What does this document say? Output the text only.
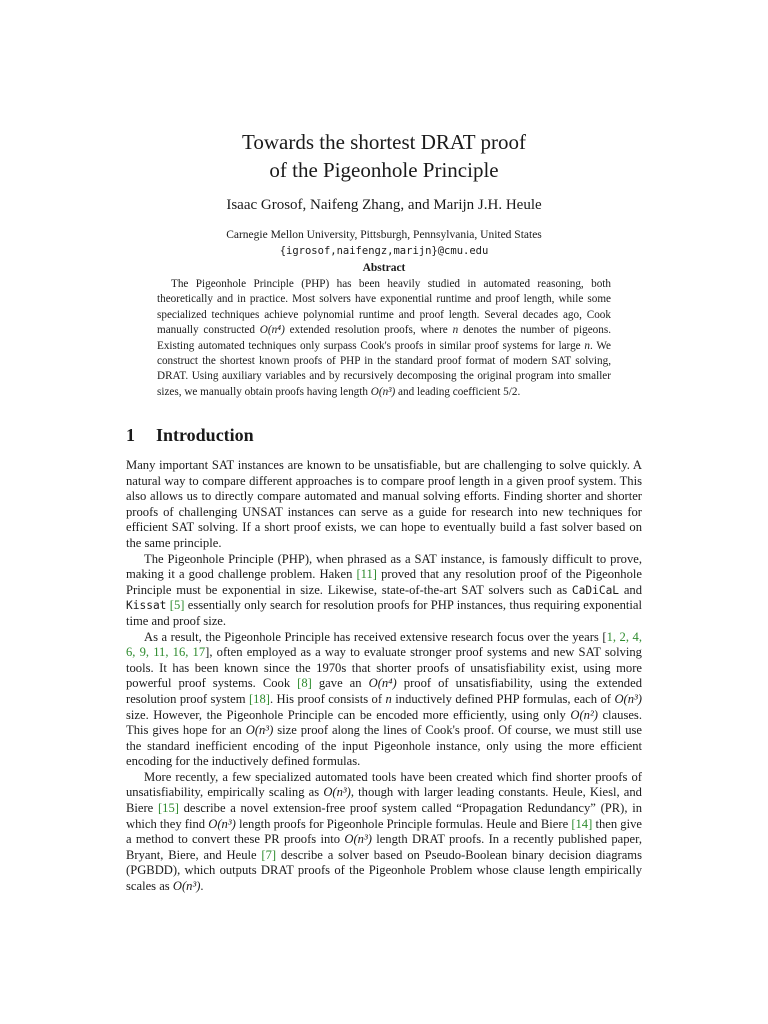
Towards the shortest DRAT proof
of the Pigeonhole Principle
Isaac Grosof, Naifeng Zhang, and Marijn J.H. Heule
Carnegie Mellon University, Pittsburgh, Pennsylvania, United States
{igrosof,naifengz,marijn}@cmu.edu
Abstract

The Pigeonhole Principle (PHP) has been heavily studied in automated reasoning, both theoretically and in practice. Most solvers have exponential runtime and proof length, while some specialized techniques achieve polynomial runtime and proof length. Several decades ago, Cook manually constructed O(n⁴) extended resolution proofs, where n denotes the number of pigeons. Existing automated techniques only surpass Cook's proofs in similar proof systems for large n. We construct the shortest known proofs of PHP in the standard proof format of modern SAT solving, DRAT. Using auxiliary variables and by recursively decomposing the original program into smaller sizes, we manually obtain proofs having length O(n³) and leading coefficient 5/2.

1 Introduction

Many important SAT instances are known to be unsatisfiable, but are challenging to solve quickly. A natural way to compare different approaches is to compare proof length in a given proof system. This also allows us to directly compare automated and manual solving efforts. Finding shorter and shorter proofs of challenging UNSAT instances can serve as a guide for research into new techniques for efficient SAT solving. If a short proof exists, we can hope to eventually build a fast solver based on the same principle.

The Pigeonhole Principle (PHP), when phrased as a SAT instance, is famously difficult to prove, making it a good challenge problem. Haken [11] proved that any resolution proof of the Pigeonhole Principle must be exponential in size. Likewise, state-of-the-art SAT solvers such as CaDiCaL and Kissat [5] essentially only search for resolution proofs for PHP instances, thus requiring exponential time and proof size.

As a result, the Pigeonhole Principle has received extensive research focus over the years [1, 2, 4, 6, 9, 11, 16, 17], often employed as a way to evaluate stronger proof systems and new SAT solving tools. It has been known since the 1970s that shorter proofs of unsatisfiability exist, using more powerful proof systems. Cook [8] gave an O(n⁴) proof of unsatisfiability, using the extended resolution proof system [18]. His proof consists of n inductively defined PHP formulas, each of O(n³) size. However, the Pigeonhole Principle can be encoded more efficiently, using only O(n²) clauses. This gives hope for an O(n³) size proof along the lines of Cook's proof. Of course, we must still use the standard inefficient encoding of the input Pigeonhole instance, only using the more efficient encoding for the inductively defined formulas.

More recently, a few specialized automated tools have been created which find shorter proofs of unsatisfiability, empirically scaling as O(n³), though with larger leading constants. Heule, Kiesl, and Biere [15] describe a novel extension-free proof system called “Propagation Redundancy” (PR), in which they find O(n³) length proofs for Pigeonhole Principle formulas. Heule and Biere [14] then give a method to convert these PR proofs into O(n³) length DRAT proofs. In a recently published paper, Bryant, Biere, and Heule [7] describe a solver based on Pseudo-Boolean binary decision diagrams (PGBDD), which outputs DRAT proofs of the Pigeonhole Problem whose clause length empirically scales as O(n³).
